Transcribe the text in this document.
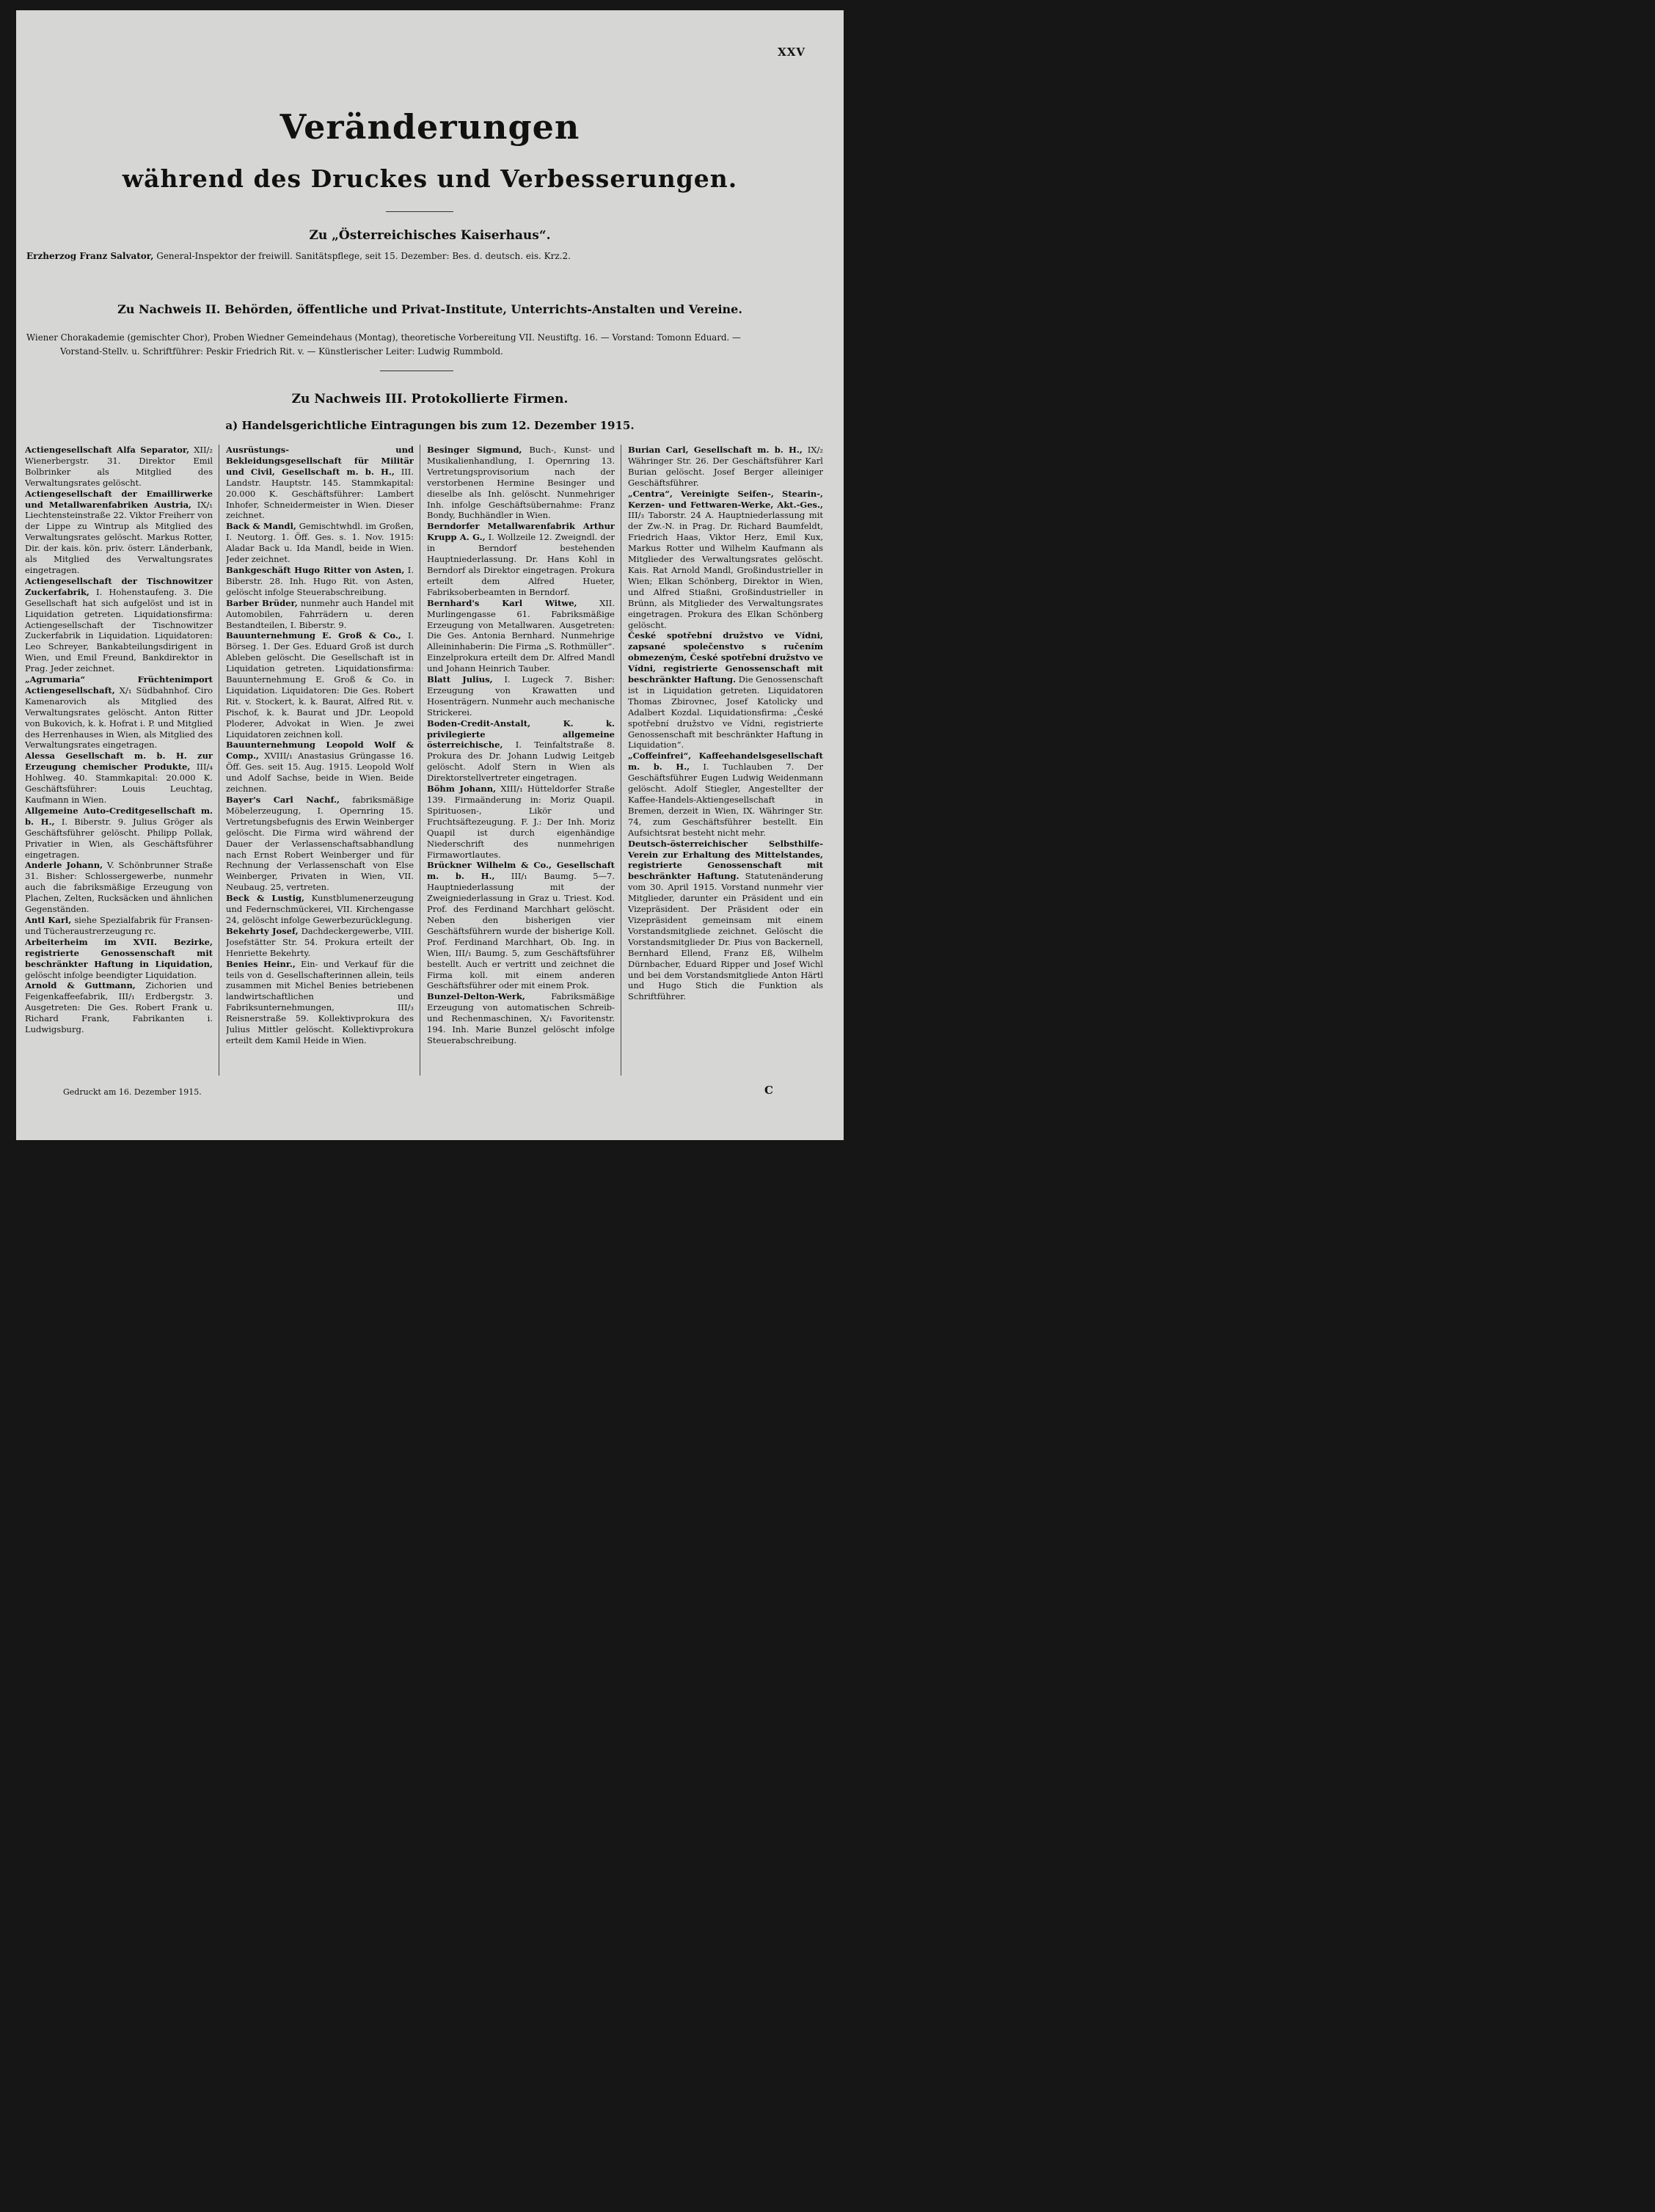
XXV
Veränderungen
während des Druckes und Verbesserungen.
Zu „Österreichisches Kaiserhaus“.
Erzherzog Franz Salvator, General-Inspektor der freiwill. Sanitätspflege, seit 15. Dezember: Bes. d. deutsch. eis. Krz.2.
Zu Nachweis II. Behörden, öffentliche und Privat-Institute, Unterrichts-Anstalten und Vereine.
Wiener Chorakademie (gemischter Chor), Proben Wiedner Gemeindehaus (Montag), theoretische Vorbereitung VII. Neustiftg. 16. — Vorstand: Tomonn Eduard. —
Vorstand-Stellv. u. Schriftführer: Peskir Friedrich Rit. v. — Künstlerischer Leiter: Ludwig Rummbold.
Zu Nachweis III. Protokollierte Firmen.
a) Handelsgerichtliche Eintragungen bis zum 12. Dezember 1915.

Actiengesellschaft Alfa Separator, XII/₂ Wienerbergstr. 31. Direktor Emil Bolbrinker als Mitglied des Verwaltungsrates gelöscht.

Actiengesellschaft der Emaillirwerke und Metallwarenfabriken Austria, IX/₁ Liechtensteinstraße 22. Viktor Freiherr von der Lippe zu Wintrup als Mitglied des Verwaltungsrates gelöscht. Markus Rotter, Dir. der kais. kön. priv. österr. Länderbank, als Mitglied des Verwaltungsrates eingetragen.

Actiengesellschaft der Tischnowitzer Zuckerfabrik, I. Hohenstaufeng. 3. Die Gesellschaft hat sich aufgelöst und ist in Liquidation getreten. Liquidationsfirma: Actiengesellschaft der Tischnowitzer Zuckerfabrik in Liquidation. Liquidatoren: Leo Schreyer, Bankabteilungsdirigent in Wien, und Emil Freund, Bankdirektor in Prag. Jeder zeichnet.

„Agrumaria“ Früchtenimport Actiengesellschaft, X/₁ Südbahnhof. Ciro Kamenarovich als Mitglied des Verwaltungsrates gelöscht. Anton Ritter von Bukovich, k. k. Hofrat i. P. und Mitglied des Herrenhauses in Wien, als Mitglied des Verwaltungsrates eingetragen.

Alessa Gesellschaft m. b. H. zur Erzeugung chemischer Produkte, III/₄ Hohlweg. 40. Stammkapital: 20.000 K. Geschäftsführer: Louis Leuchtag, Kaufmann in Wien.

Allgemeine Auto-Creditgesellschaft m. b. H., I. Biberstr. 9. Julius Gröger als Geschäftsführer gelöscht. Philipp Pollak, Privatier in Wien, als Geschäftsführer eingetragen.

Anderle Johann, V. Schönbrunner Straße 31. Bisher: Schlossergewerbe, nunmehr auch die fabriksmäßige Erzeugung von Plachen, Zelten, Rucksäcken und ähnlichen Gegenständen.

Antl Karl, siehe Spezialfabrik für Fransen- und Tücheraustrerzeugung rc.

Arbeiterheim im XVII. Bezirke, registrierte Genossenschaft mit beschränkter Haftung in Liquidation, gelöscht infolge beendigter Liquidation.

Arnold & Guttmann, Zichorien und Feigenkaffeefabrik, III/₁ Erdbergstr. 3. Ausgetreten: Die Ges. Robert Frank u. Richard Frank, Fabrikanten i. Ludwigsburg.

Ausrüstungs- und Bekleidungsgesellschaft für Militär und Civil, Gesellschaft m. b. H., III. Landstr. Hauptstr. 145. Stammkapital: 20.000 K. Geschäftsführer: Lambert Inhofer, Schneidermeister in Wien. Dieser zeichnet.

Back & Mandl, Gemischtwhdl. im Großen, I. Neutorg. 1. Öff. Ges. s. 1. Nov. 1915: Aladar Back u. Ida Mandl, beide in Wien. Jeder zeichnet.

Bankgeschäft Hugo Ritter von Asten, I. Biberstr. 28. Inh. Hugo Rit. von Asten, gelöscht infolge Steuerabschreibung.

Barber Brüder, nunmehr auch Handel mit Automobilen, Fahrrädern u. deren Bestandteilen, I. Biberstr. 9.

Bauunternehmung E. Groß & Co., I. Börseg. 1. Der Ges. Eduard Groß ist durch Ableben gelöscht. Die Gesellschaft ist in Liquidation getreten. Liquidationsfirma: Bauunternehmung E. Groß & Co. in Liquidation. Liquidatoren: Die Ges. Robert Rit. v. Stockert, k. k. Baurat, Alfred Rit. v. Pischof, k. k. Baurat und JDr. Leopold Ploderer, Advokat in Wien. Je zwei Liquidatoren zeichnen koll.

Bauunternehmung Leopold Wolf & Comp., XVIII/₁ Anastasius Grüngasse 16. Öff. Ges. seit 15. Aug. 1915. Leopold Wolf und Adolf Sachse, beide in Wien. Beide zeichnen.

Bayer's Carl Nachf., fabriksmäßige Möbelerzeugung, I. Opernring 15. Vertretungsbefugnis des Erwin Weinberger gelöscht. Die Firma wird während der Dauer der Verlassenschaftsabhandlung nach Ernst Robert Weinberger und für Rechnung der Verlassenschaft von Else Weinberger, Privaten in Wien, VII. Neubaug. 25, vertreten.

Beck & Lustig, Kunstblumenerzeugung und Federnschmückerei, VII. Kirchengasse 24, gelöscht infolge Gewerbezurücklegung.

Bekehrty Josef, Dachdeckergewerbe, VIII. Josefstätter Str. 54. Prokura erteilt der Henriette Bekehrty.

Benies Heinr., Ein- und Verkauf für die teils von d. Gesellschafterinnen allein, teils zusammen mit Michel Benies betriebenen landwirtschaftlichen und Fabriksunternehmungen, III/₃ Reisnerstraße 59. Kollektivprokura des Julius Mittler gelöscht. Kollektivprokura erteilt dem Kamil Heide in Wien.

Besinger Sigmund, Buch-, Kunst- und Musikalienhandlung, I. Opernring 13. Vertretungsprovisorium nach der verstorbenen Hermine Besinger und dieselbe als Inh. gelöscht. Nunmehriger Inh. infolge Geschäftsübernahme: Franz Bondy, Buchhändler in Wien.

Berndorfer Metallwarenfabrik Arthur Krupp A. G., I. Wollzeile 12. Zweigndl. der in Berndorf bestehenden Hauptniederlassung. Dr. Hans Kohl in Berndorf als Direktor eingetragen. Prokura erteilt dem Alfred Hueter, Fabriksoberbeamten in Berndorf.

Bernhard's Karl Witwe,	XII. Murlingengasse 61. Fabriksmäßige Erzeugung von Metallwaren. Ausgetreten: Die Ges. Antonia Bernhard. Nunmehrige Alleininhaberin: Die Firma „S. Rothmüller“. Einzelprokura erteilt dem Dr. Alfred Mandl und Johann Heinrich Tauber.

Blatt Julius, I. Lugeck 7. Bisher: Erzeugung von Krawatten und Hosenträgern. Nunmehr auch mechanische Strickerei.

Boden-Credit-Anstalt, K. k. privilegierte allgemeine österreichische, I. Teinfaltstraße 8. Prokura des Dr. Johann Ludwig Leitgeb gelöscht. Adolf Stern in Wien als Direktorstellvertreter eingetragen.

Böhm Johann, XIII/₁ Hütteldorfer Straße 139. Firmaänderung in: Moriz Quapil. Spirituosen-, Likör und Fruchtsäftezeugung. F. J.: Der Inh. Moriz Quapil ist durch eigenhändige Niederschrift des nunmehrigen Firmawortlautes.

Brückner Wilhelm & Co., Gesellschaft m. b. H., III/₁ Baumg. 5—7. Hauptniederlassung mit der Zweigniederlassung in Graz u. Triest. Kod. Prof. des Ferdinand Marchhart gelöscht. Neben den bisherigen vier Geschäftsführern wurde der bisherige Koll. Prof. Ferdinand Marchhart, Ob. Ing. in Wien, III/₁ Baumg. 5, zum Geschäftsführer bestellt. Auch er vertritt und zeichnet die Firma koll. mit einem anderen Geschäftsführer oder mit einem Prok.

Bunzel-Delton-Werk,	Fabriksmäßige Erzeugung von automatischen Schreib- und Rechenmaschinen, X/₁ Favoritenstr. 194. Inh. Marie Bunzel gelöscht infolge Steuerabschreibung.

Burian Carl, Gesellschaft m. b. H., IX/₂ Währinger Str. 26. Der Geschäftsführer Karl Burian gelöscht. Josef Berger alleiniger Geschäftsführer.

„Centra“, Vereinigte Seifen-, Stearin-, Kerzen- und Fettwaren-Werke, Akt.-Ges., III/₃ Taborstr. 24 A. Hauptniederlassung mit der Zw.-N. in Prag. Dr. Richard Baumfeldt, Friedrich Haas, Viktor Herz, Emil Kux, Markus Rotter und Wilhelm Kaufmann als Mitglieder des Verwaltungsrates gelöscht. Kais. Rat Arnold Mandl, Großindustrieller in Wien; Elkan Schönberg, Direktor in Wien, und Alfred Stiaßni, Großindustrieller in Brünn, als Mitglieder des Verwaltungsrates eingetragen. Prokura des Elkan Schönberg gelöscht.

České spotřební družstvo ve Vídni, zapsané společenstvo s ručením obmezeným, České spotřební družstvo ve Vídni, registrierte Genossenschaft mit beschränkter Haftung. Die Genossenschaft ist in Liquidation getreten. Liquidatoren Thomas Zbirovnec, Josef Katolicky und Adalbert Kozdal. Liquidationsfirma: „České spotřební družstvo ve Vídni, registrierte Genossenschaft mit beschränkter Haftung in Liquidation“.

„Coffeinfrei“, Kaffeehandelsgesellschaft m. b. H., I. Tuchlauben 7. Der Geschäftsführer Eugen Ludwig Weidenmann gelöscht. Adolf Stiegler, Angestellter der Kaffee-Handels-Aktiengesellschaft in Bremen, derzeit in Wien, IX. Währinger Str. 74, zum Geschäftsführer bestellt. Ein Aufsichtsrat besteht nicht mehr.

Deutsch-österreichischer Selbsthilfe-Verein zur Erhaltung des Mittelstandes, registrierte Genossenschaft mit beschränkter Haftung. Statutenänderung vom 30. April 1915. Vorstand nunmehr vier Mitglieder, darunter ein Präsident und ein Vizepräsident. Der Präsident oder ein Vizepräsident gemeinsam mit einem Vorstandsmitgliede zeichnet. Gelöscht die Vorstandsmitglieder Dr. Pius von Backernell, Bernhard Ellend, Franz Eß, Wilhelm Dürnbacher, Eduard Ripper und Josef Wichl und bei dem Vorstandsmitgliede Anton Härtl und Hugo Stich die Funktion als Schriftführer.

Gedruckt am 16. Dezember 1915.	C
